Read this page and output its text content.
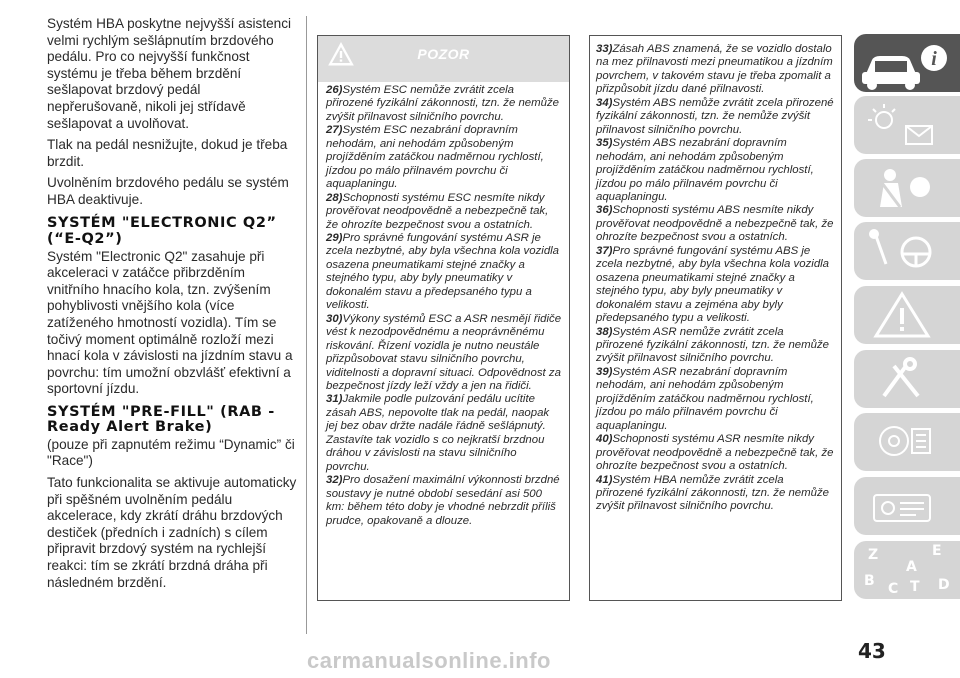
Systém HBA poskytne nejvyšší asistenci velmi rychlým sešlápnutím brzdového pedálu. Pro co nejvyšší funkčnost systému je třeba během brzdění sešlapovat brzdový pedál nepřerušovaně, nikoli jej střídavě sešlapovat a uvolňovat.

Tlak na pedál nesnižujte, dokud je třeba brzdit.

Uvolněním brzdového pedálu se systém HBA deaktivuje.

SYSTÉM "ELECTRONIC Q2” (“E-Q2”)

Systém "Electronic Q2" zasahuje při akceleraci v zatáčce přibrzděním vnitřního hnacího kola, tzn. zvýšením pohyblivosti vnějšího kola (více zatíženého hmotností vozidla). Tím se točivý moment optimálně rozloží mezi hnací kola v závislosti na jízdním stavu a povrchu: tím umožní obzvlášť efektivní a sportovní jízdu.

SYSTÉM "PRE-FILL" (RAB - Ready Alert Brake)

(pouze při zapnutém režimu “Dynamic” či "Race")

Tato funkcionalita se aktivuje automaticky při spěšném uvolněním pedálu akcelerace, kdy zkrátí dráhu brzdových destiček (předních i zadních) s cílem připravit brzdový systém na rychlejší reakci: tím se zkrátí brzdná dráha při následném brzdění.

POZOR

26)Systém ESC nemůže zvrátit zcela přirozené fyzikální zákonnosti, tzn. že nemůže zvýšit přilnavost silničního povrchu.

27)Systém ESC nezabrání dopravním nehodám, ani nehodám způsobeným projížděním zatáčkou nadměrnou rychlostí, jízdou po málo přilnavém povrchu či aquaplaningu.

28)Schopnosti systému ESC nesmíte nikdy prověřovat neodpovědně a nebezpečně tak, že ohrozíte bezpečnost svou a ostatních.

29)Pro správné fungování systému ASR je zcela nezbytné, aby byla všechna kola vozidla osazena pneumatikami stejné značky a stejného typu, aby byly pneumatiky v dokonalém stavu a předepsaného typu a velikosti.

30)Výkony systémů ESC a ASR nesmějí řidiče vést k nezodpovědnému a neoprávněnému riskování. Řízení vozidla je nutno neustále přizpůsobovat stavu silničního povrchu, viditelnosti a dopravní situaci. Odpovědnost za bezpečnost jízdy leží vždy a jen na řidiči.

31)Jakmile podle pulzování pedálu ucítite zásah ABS, nepovolte tlak na pedál, naopak jej bez obav držte nadále řádně sešlápnutý. Zastavíte tak vozidlo s co nejkratší brzdnou dráhou v závislosti na stavu silničního povrchu.

32)Pro dosažení maximální výkonnosti brzdné soustavy je nutné období sesedání asi 500 km: během této doby je vhodné nebrzdit příliš prudce, opakovaně a dlouze.

33)Zásah ABS znamená, že se vozidlo dostalo na mez přilnavosti mezi pneumatikou a jízdním povrchem, v takovém stavu je třeba zpomalit a přizpůsobit jízdu dané přilnavosti.

34)Systém ABS nemůže zvrátit zcela přirozené fyzikální zákonnosti, tzn. že nemůže zvýšit přilnavost silničního povrchu.

35)Systém ABS nezabrání dopravním nehodám, ani nehodám způsobeným projížděním zatáčkou nadměrnou rychlostí, jízdou po málo přilnavém povrchu či aquaplaningu.

36)Schopnosti systému ABS nesmíte nikdy prověřovat neodpovědně a nebezpečně tak, že ohrozíte bezpečnost svou a ostatních.

37)Pro správné fungování systému ABS je zcela nezbytné, aby byla všechna kola vozidla osazena pneumatikami stejné značky a stejného typu, aby byly pneumatiky v dokonalém stavu a zejména aby byly předepsaného typu a velikosti.

38)Systém ASR nemůže zvrátit zcela přirozené fyzikální zákonnosti, tzn. že nemůže zvýšit přilnavost silničního povrchu.

39)Systém ASR nezabrání dopravním nehodám, ani nehodám způsobeným projížděním zatáčkou nadměrnou rychlostí, jízdou po málo přilnavém povrchu či aquaplaningu.

40)Schopnosti systému ASR nesmíte nikdy prověřovat neodpovědně a nebezpečně tak, že ohrozíte bezpečnost svou a ostatních.

41)Systém HBA nemůže zvrátit zcela přirozené fyzikální zákonnosti, tzn. že nemůže zvýšit přilnavost silničního povrchu.

i
Z	E
B C T
A
D
43
carmanualsonline.info
